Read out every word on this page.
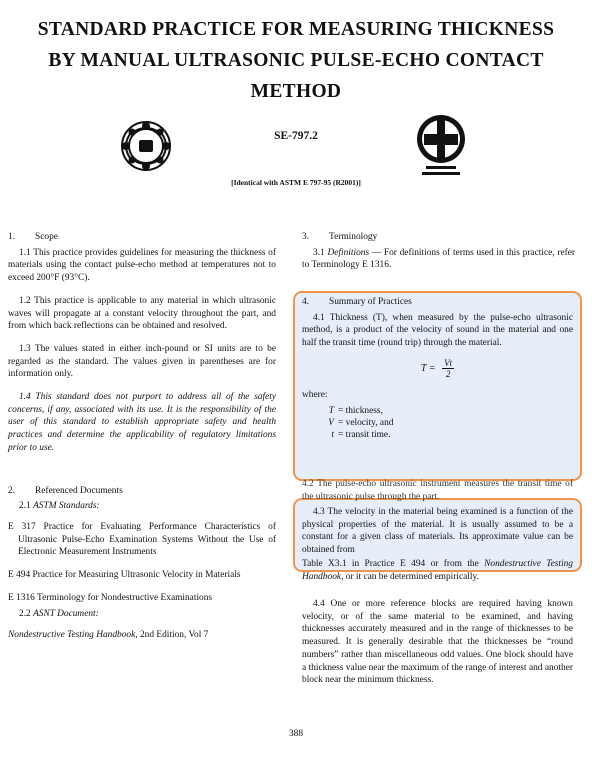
STANDARD PRACTICE FOR MEASURING THICKNESS
BY MANUAL ULTRASONIC PULSE-ECHO CONTACT
METHOD
SE-797.2
[Identical with ASTM E 797-95 (R2001)]
1. Scope

1.1 This practice provides guidelines for measuring the thickness of materials using the contact pulse-echo method at temperatures not to exceed 200°F (93°C).

1.2 This practice is applicable to any material in which ultrasonic waves will propagate at a constant velocity throughout the part, and from which back reflections can be obtained and resolved.

1.3 The values stated in either inch-pound or SI units are to be regarded as the standard. The values given in parentheses are for information only.

1.4 This standard does not purport to address all of the safety concerns, if any, associated with its use. It is the responsibility of the user of this standard to establish appropriate safety and health practices and determine the applicability of regulatory limitations prior to use.

2. Referenced Documents
2.1 ASTM Standards:
E 317 Practice for Evaluating Performance Characteristics of Ultrasonic Pulse-Echo Examination Systems Without the Use of Electronic Measurement Instruments
E 494 Practice for Measuring Ultrasonic Velocity in Materials
E 1316 Terminology for Nondestructive Examinations
2.2 ASNT Document:
Nondestructive Testing Handbook, 2nd Edition, Vol 7
3. Terminology

3.1 Definitions — For definitions of terms used in this practice, refer to Terminology E 1316.

4. Summary of Practices

4.1 Thickness (T), when measured by the pulse-echo ultrasonic method, is a product of the velocity of sound in the material and one half the transit time (round trip) through the material.

$T = \frac{Vt}{2}$
where:
T = thickness,
V = velocity, and
t = transit time.
4.2 The pulse-echo ultrasonic instrument measures the transit time of the ultrasonic pulse through the part.

4.3 The velocity in the material being examined is a function of the physical properties of the material. It is usually assumed to be a constant for a given class of materials. Its approximate value can be obtained from

Table X3.1 in Practice E 494 or from the Nondestructive Testing Handbook, or it can be determined empirically.

4.4 One or more reference blocks are required having known velocity, or of the same material to be examined, and having thicknesses accurately measured and in the range of thicknesses to be measured. It is generally desirable that the thicknesses be “round numbers” rather than miscellaneous odd values. One block should have a thickness value near the maximum of the range of interest and another block near the minimum thickness.

388
